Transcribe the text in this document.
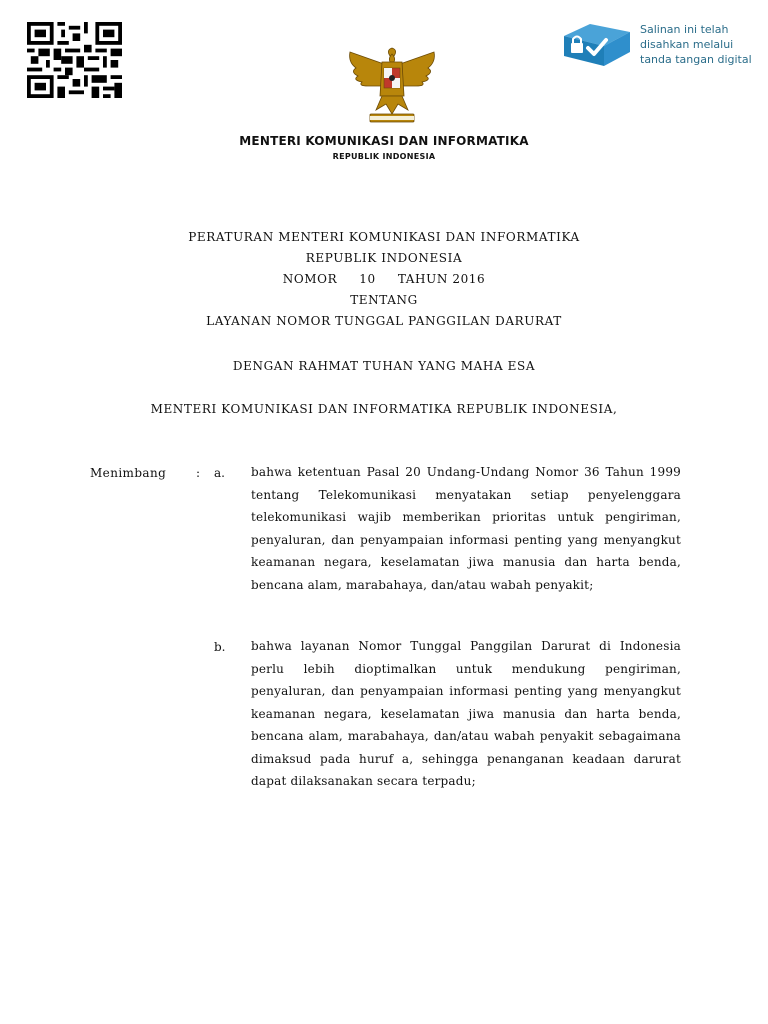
Salinan ini telah
disahkan melalui
tanda tangan digital
MENTERI KOMUNIKASI DAN INFORMATIKA
REPUBLIK INDONESIA
PERATURAN MENTERI KOMUNIKASI DAN INFORMATIKA
REPUBLIK INDONESIA
NOMOR     10     TAHUN 2016
TENTANG
LAYANAN NOMOR TUNGGAL PANGGILAN DARURAT
DENGAN RAHMAT TUHAN YANG MAHA ESA
MENTERI KOMUNIKASI DAN INFORMATIKA REPUBLIK INDONESIA,
Menimbang : a. bahwa ketentuan Pasal 20 Undang-Undang Nomor 36 Tahun 1999 tentang Telekomunikasi menyatakan setiap penyelenggara telekomunikasi wajib memberikan prioritas untuk pengiriman, penyaluran, dan penyampaian informasi penting yang menyangkut keamanan negara, keselamatan jiwa manusia dan harta benda, bencana alam, marabahaya, dan/atau wabah penyakit;
b. bahwa layanan Nomor Tunggal Panggilan Darurat di Indonesia perlu lebih dioptimalkan untuk mendukung pengiriman, penyaluran, dan penyampaian informasi penting yang menyangkut keamanan negara, keselamatan jiwa manusia dan harta benda, bencana alam, marabahaya, dan/atau wabah penyakit sebagaimana dimaksud pada huruf a, sehingga penanganan keadaan darurat dapat dilaksanakan secara terpadu;
